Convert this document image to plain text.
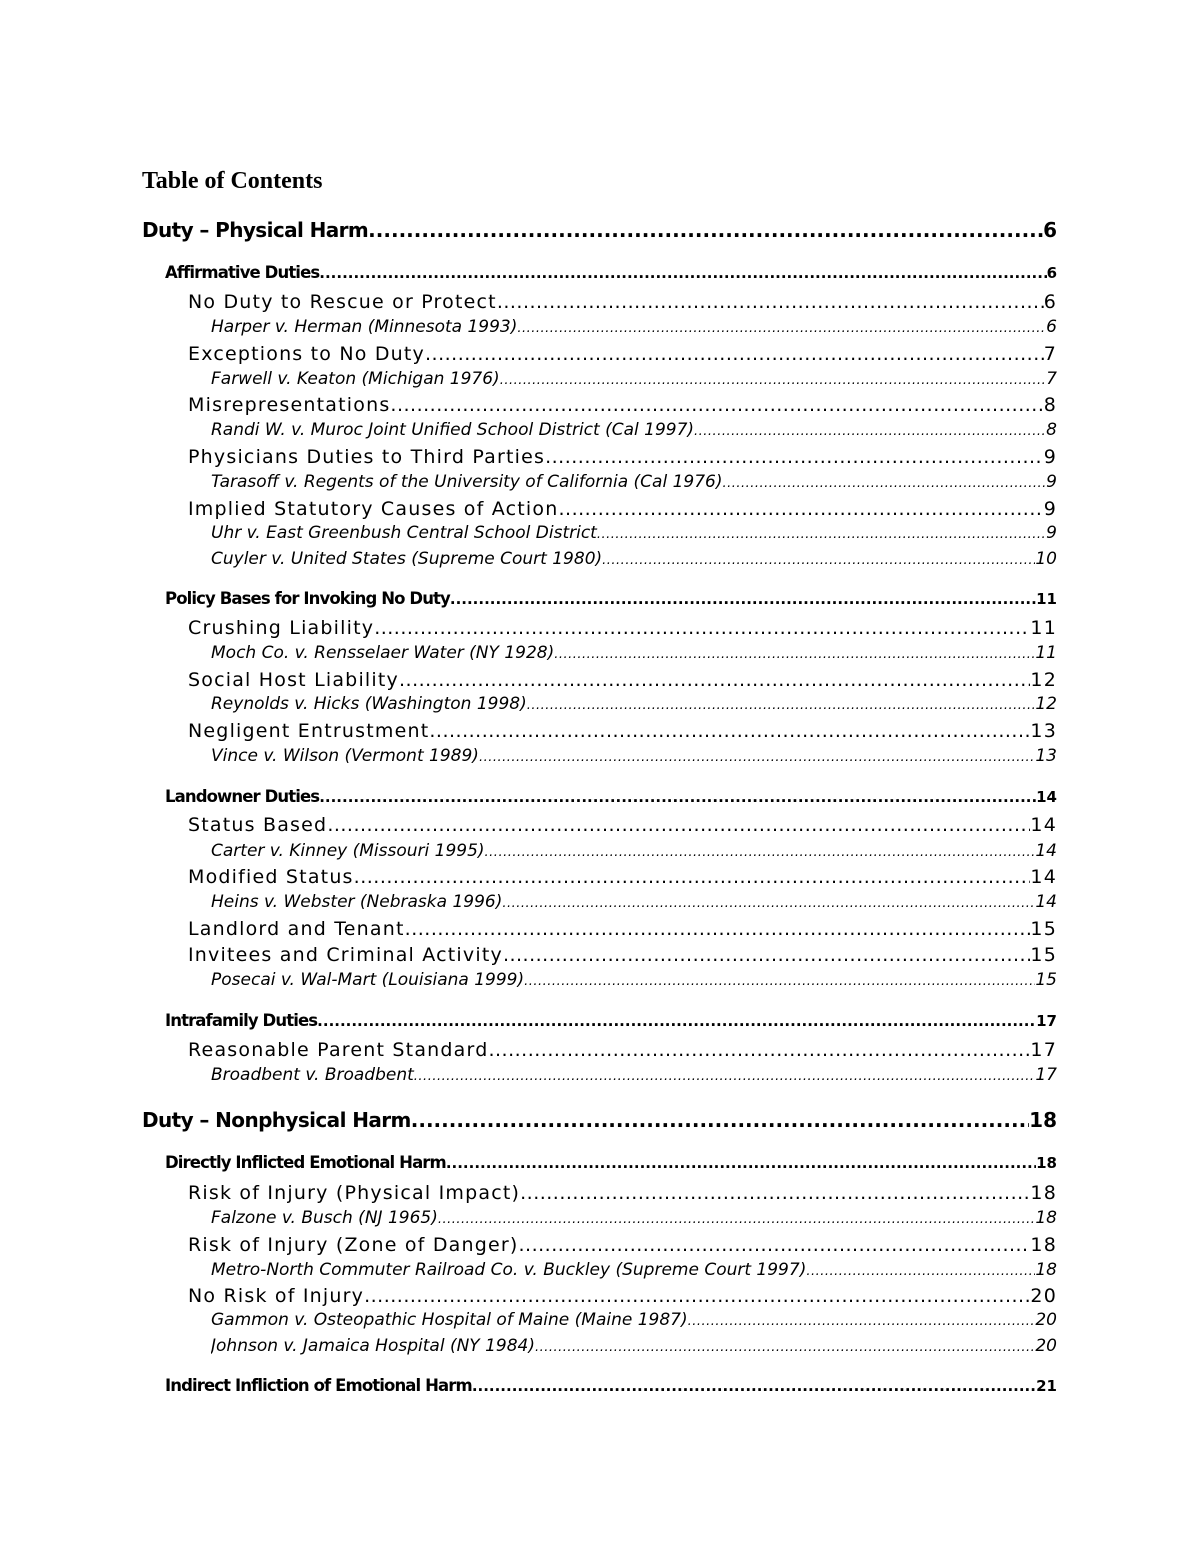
Table of Contents
Duty – Physical Harm .....	6
Affirmative Duties .....	6
No Duty to Rescue or Protect .....	6
Harper v. Herman (Minnesota 1993) .....	6
Exceptions to No Duty .....	7
Farwell v. Keaton (Michigan 1976) .....	7
Misrepresentations .....	8
Randi W. v. Muroc Joint Unified School District (Cal 1997) .....	8
Physicians Duties to Third Parties .....	9
Tarasoff v. Regents of the University of California (Cal 1976) .....	9
Implied Statutory Causes of Action .....	9
Uhr v. East Greenbush Central School District .....	9
Cuyler v. United States (Supreme Court 1980) .....	10
Policy Bases for Invoking No Duty .....	11
Crushing Liability .....	11
Moch Co. v. Rensselaer Water (NY 1928) .....	11
Social Host Liability .....	12
Reynolds v. Hicks (Washington 1998) .....	12
Negligent Entrustment .....	13
Vince v. Wilson (Vermont 1989) .....	13
Landowner Duties .....	14
Status Based .....	14
Carter v. Kinney (Missouri 1995) .....	14
Modified Status .....	14
Heins v. Webster (Nebraska 1996) .....	14
Landlord and Tenant .....	15
Invitees and Criminal Activity .....	15
Posecai v. Wal-Mart (Louisiana 1999) .....	15
Intrafamily Duties .....	17
Reasonable Parent Standard .....	17
Broadbent v. Broadbent .....	17
Duty – Nonphysical Harm .....	18
Directly Inflicted Emotional Harm .....	18
Risk of Injury (Physical Impact) .....	18
Falzone v. Busch (NJ 1965) .....	18
Risk of Injury (Zone of Danger) .....	18
Metro-North Commuter Railroad Co. v. Buckley (Supreme Court 1997) .....	18
No Risk of Injury .....	20
Gammon v. Osteopathic Hospital of Maine (Maine 1987) .....	20
Johnson v. Jamaica Hospital (NY 1984) .....	20
Indirect Infliction of Emotional Harm .....	21
